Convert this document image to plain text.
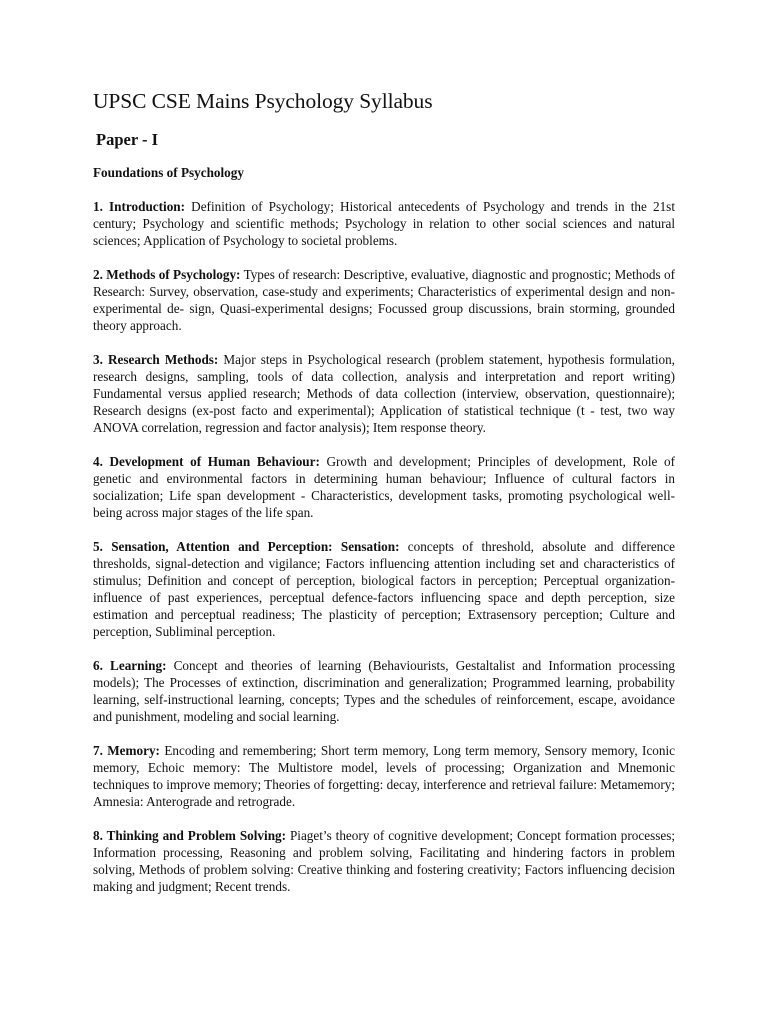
UPSC CSE Mains Psychology Syllabus
Paper - I
Foundations of Psychology

1. Introduction: Definition of Psychology; Historical antecedents of Psychology and trends in the 21st century; Psychology and scientific methods; Psychology in relation to other social sciences and natural sciences; Application of Psychology to societal problems.

2. Methods of Psychology: Types of research: Descriptive, evaluative, diagnostic and prognostic; Methods of Research: Survey, observation, case-study and experiments; Characteristics of experimental design and non-experimental de- sign, Quasi-experimental designs; Focussed group discussions, brain storming, grounded theory approach.

3. Research Methods: Major steps in Psychological research (problem statement, hypothesis formulation, research designs, sampling, tools of data collection, analysis and interpretation and report writing) Fundamental versus applied research; Methods of data collection (interview, observation, questionnaire); Research designs (ex-post facto and experimental); Application of statistical technique (t - test, two way ANOVA correlation, regression and factor analysis); Item response theory.

4. Development of Human Behaviour: Growth and development; Principles of development, Role of genetic and environmental factors in determining human behaviour; Influence of cultural factors in socialization; Life span development - Characteristics, development tasks, promoting psychological well-being across major stages of the life span.

5. Sensation, Attention and Perception: Sensation: concepts of threshold, absolute and difference thresholds, signal-detection and vigilance; Factors influencing attention including set and characteristics of stimulus; Definition and concept of perception, biological factors in perception; Perceptual organization-influence of past experiences, perceptual defence-factors influencing space and depth perception, size estimation and perceptual readiness; The plasticity of perception; Extrasensory perception; Culture and perception, Subliminal perception.

6. Learning: Concept and theories of learning (Behaviourists, Gestaltalist and Information processing models); The Processes of extinction, discrimination and generalization; Programmed learning, probability learning, self-instructional learning, concepts; Types and the schedules of reinforcement, escape, avoidance and punishment, modeling and social learning.

7. Memory: Encoding and remembering; Short term memory, Long term memory, Sensory memory, Iconic memory, Echoic memory: The Multistore model, levels of processing; Organization and Mnemonic techniques to improve memory; Theories of forgetting: decay, interference and retrieval failure: Metamemory; Amnesia: Anterograde and retrograde.

8. Thinking and Problem Solving: Piaget’s theory of cognitive development; Concept formation processes; Information processing, Reasoning and problem solving, Facilitating and hindering factors in problem solving, Methods of problem solving: Creative thinking and fostering creativity; Factors influencing decision making and judgment; Recent trends.
